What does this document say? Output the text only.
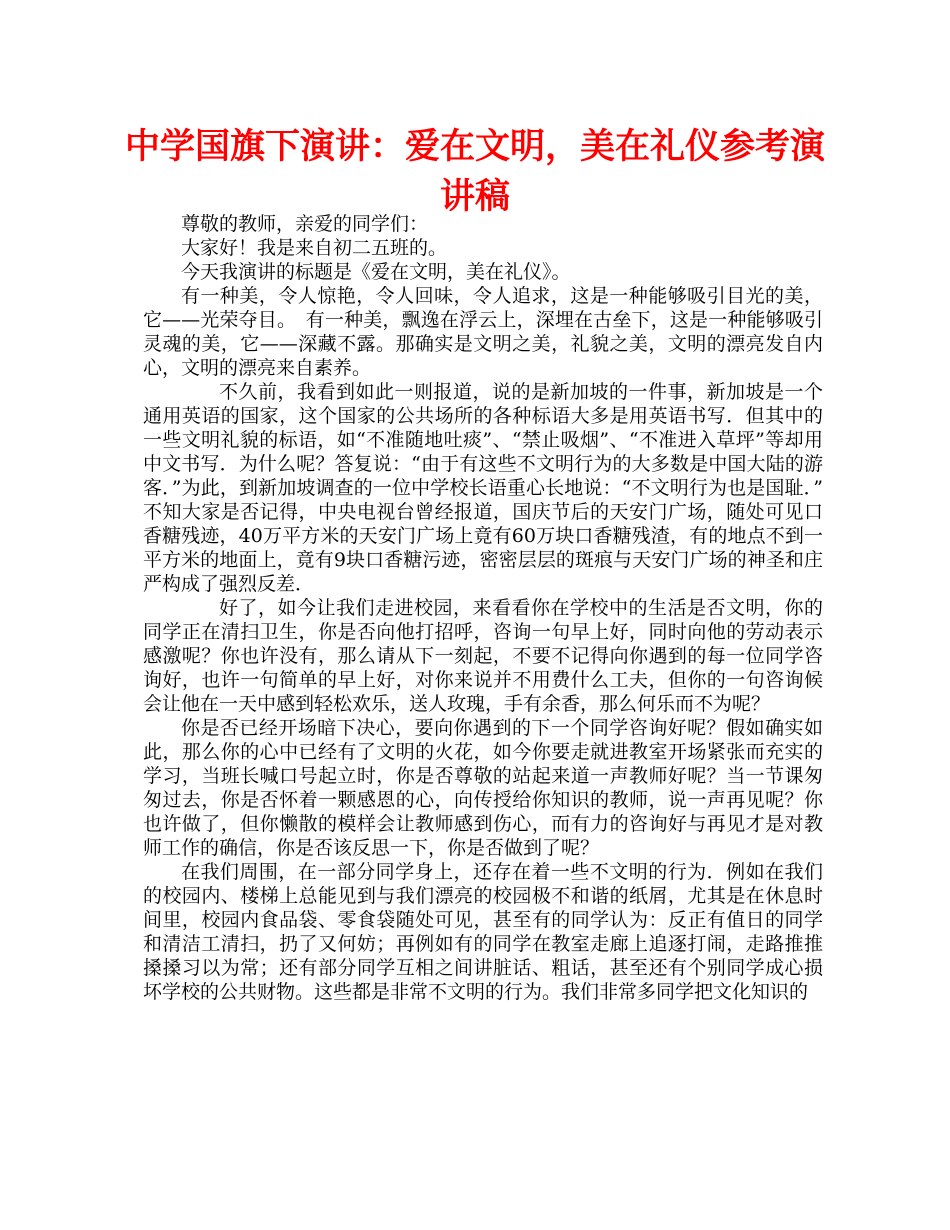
中学国旗下演讲：爱在文明，美在礼仪参考演讲稿

尊敬的教师，亲爱的同学们：

大家好！我是来自初二五班的。

今天我演讲的标题是《爱在文明，美在礼仪》。

有一种美，令人惊艳，令人回味，令人追求，这是一种能够吸引目光的美，它——光荣夺目。　有一种美，飘逸在浮云上，深埋在古垒下，这是一种能够吸引灵魂的美，它——深藏不露。那确实是文明之美，礼貌之美，文明的漂亮发自内心，文明的漂亮来自素养。

不久前，我看到如此一则报道，说的是新加坡的一件事，新加坡是一个通用英语的国家，这个国家的公共场所的各种标语大多是用英语书写．但其中的一些文明礼貌的标语，如“不准随地吐痰”、“禁止吸烟”、“不准进入草坪”等却用中文书写．为什么呢？答复说：“由于有这些不文明行为的大多数是中国大陆的游客．”为此，到新加坡调查的一位中学校长语重心长地说：“不文明行为也是国耻．”　不知大家是否记得，中央电视台曾经报道，国庆节后的天安门广场，随处可见口香糖残迹，40万平方米的天安门广场上竟有60万块口香糖残渣，有的地点不到一平方米的地面上，竟有9块口香糖污迹，密密层层的斑痕与天安门广场的神圣和庄严构成了强烈反差．

好了，如今让我们走进校园，来看看你在学校中的生活是否文明，你的同学正在清扫卫生，你是否向他打招呼，咨询一句早上好，同时向他的劳动表示感激呢？你也许没有，那么请从下一刻起，不要不记得向你遇到的每一位同学咨询好，也许一句简单的早上好，对你来说并不用费什么工夫，但你的一句咨询候会让他在一天中感到轻松欢乐，送人玫瑰，手有余香，那么何乐而不为呢？

你是否已经开场暗下决心，要向你遇到的下一个同学咨询好呢？假如确实如此，那么你的心中已经有了文明的火花，如今你要走就进教室开场紧张而充实的学习，当班长喊口号起立时，你是否尊敬的站起来道一声教师好呢？当一节课匆匆过去，你是否怀着一颗感恩的心，向传授给你知识的教师，说一声再见呢？你也许做了，但你懒散的模样会让教师感到伤心，而有力的咨询好与再见才是对教师工作的确信，你是否该反思一下，你是否做到了呢？

在我们周围，在一部分同学身上，还存在着一些不文明的行为．例如在我们的校园内、楼梯上总能见到与我们漂亮的校园极不和谐的纸屑，尤其是在休息时间里，校园内食品袋、零食袋随处可见，甚至有的同学认为：反正有值日的同学和清洁工清扫，扔了又何妨；再例如有的同学在教室走廊上追逐打闹，走路推推搡搡习以为常；还有部分同学互相之间讲脏话、粗话，甚至还有个别同学成心损坏学校的公共财物。这些都是非常不文明的行为。我们非常多同学把文化知识的
